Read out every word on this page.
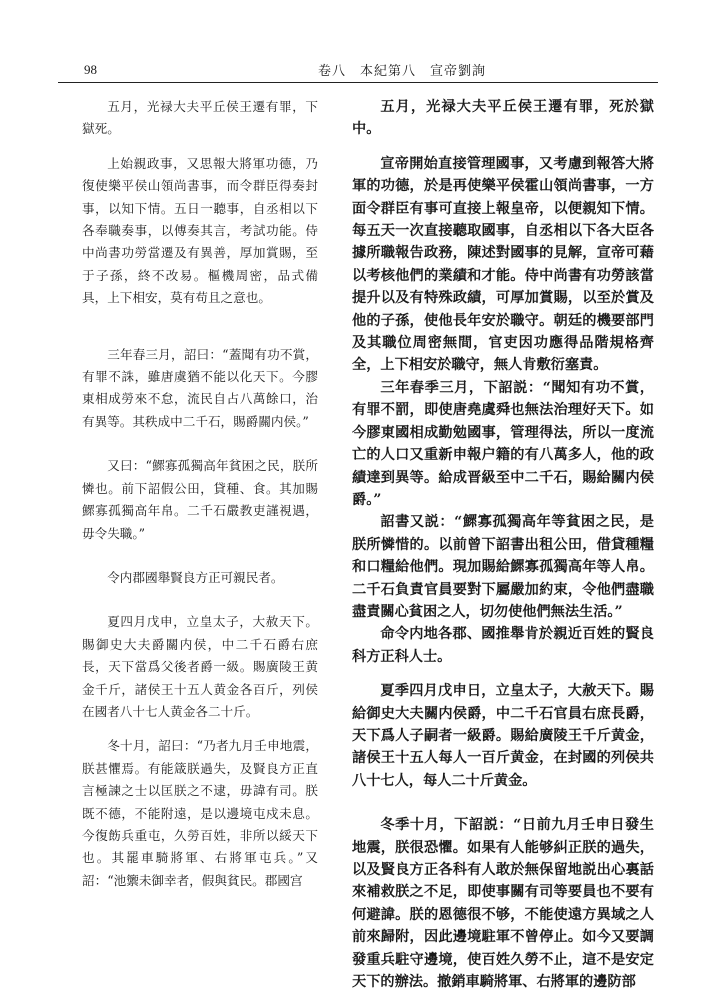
98	卷八　本紀第八　宣帝劉詢

五月，光禄大夫平丘侯王遷有罪，下獄死。

上始親政事，又思報大將軍功德，乃復使樂平侯山領尚書事，而令群臣得奏封事，以知下情。五日一聽事，自丞相以下各奉職奏事，以傅奏其言，考試功能。侍中尚書功勞當遷及有異善，厚加賞賜，至于子孫，終不改易。樞機周密，品式備具，上下相安，莫有苟且之意也。

三年春三月，詔曰：“蓋聞有功不賞，有罪不誅，雖唐虞猶不能以化天下。今膠東相成勞來不怠，流民自占八萬餘口，治有異等。其秩成中二千石，賜爵關内侯。”

又曰：“鰥寡孤獨高年貧困之民，朕所憐也。前下詔假公田，貸種、食。其加賜鰥寡孤獨高年帛。二千石嚴教吏謹視遇，毋令失職。”

令内郡國舉賢良方正可親民者。

夏四月戊申，立皇太子，大赦天下。賜御史大夫爵關内侯，中二千石爵右庶長，天下當爲父後者爵一級。賜廣陵王黄金千斤，諸侯王十五人黄金各百斤，列侯在國者八十七人黄金各二十斤。

冬十月，詔曰：“乃者九月壬申地震，朕甚懼焉。有能箴朕過失，及賢良方正直言極諫之士以匡朕之不逮，毋諱有司。朕既不德，不能附遠，是以邊境屯戍未息。今復飭兵重屯，久勞百姓，非所以綏天下也。其罷車騎將軍、右將軍屯兵。”又詔：“池籞未御幸者，假與貧民。郡國宫

五月，光禄大夫平丘侯王遷有罪，死於獄中。

宣帝開始直接管理國事，又考慮到報答大將軍的功德，於是再使樂平侯霍山領尚書事，一方面令群臣有事可直接上報皇帝，以便親知下情。每五天一次直接聽取國事，自丞相以下各大臣各據所職報告政務，陳述對國事的見解，宣帝可藉以考核他們的業績和才能。侍中尚書有功勞該當提升以及有特殊政績，可厚加賞賜，以至於賞及他的子孫，使他長年安於職守。朝廷的機要部門及其職位周密無間，官吏因功應得品階規格齊全，上下相安於職守，無人肯敷衍塞責。

三年春季三月，下詔説：“聞知有功不賞，有罪不罰，即使唐堯虞舜也無法治理好天下。如今膠東國相成勤勉國事，管理得法，所以一度流亡的人口又重新申報户籍的有八萬多人，他的政績達到異等。給成晋級至中二千石，賜給關内侯爵。”

詔書又説：“鰥寡孤獨高年等貧困之民，是朕所憐惜的。以前曾下詔書出租公田，借貸種糧和口糧給他們。現加賜給鰥寡孤獨高年等人帛。二千石負責官員要對下屬嚴加約束，令他們盡職盡責關心貧困之人，切勿使他們無法生活。”

命令内地各郡、國推舉肯於親近百姓的賢良科方正科人士。

夏季四月戊申日，立皇太子，大赦天下。賜給御史大夫關内侯爵，中二千石官員右庶長爵，天下爲人子嗣者一級爵。賜給廣陵王千斤黄金，諸侯王十五人每人一百斤黄金，在封國的列侯共八十七人，每人二十斤黄金。

冬季十月，下詔説：“日前九月壬申日發生地震，朕很恐懼。如果有人能够糾正朕的過失，以及賢良方正各科有人敢於無保留地説出心裏話來補救朕之不足，即使事關有司等要員也不要有何避諱。朕的恩德很不够，不能使遠方異域之人前來歸附，因此邊境駐軍不曾停止。如今又要調發重兵駐守邊境，使百姓久勞不止，這不是安定天下的辦法。撤銷車騎將軍、右將軍的邊防部
